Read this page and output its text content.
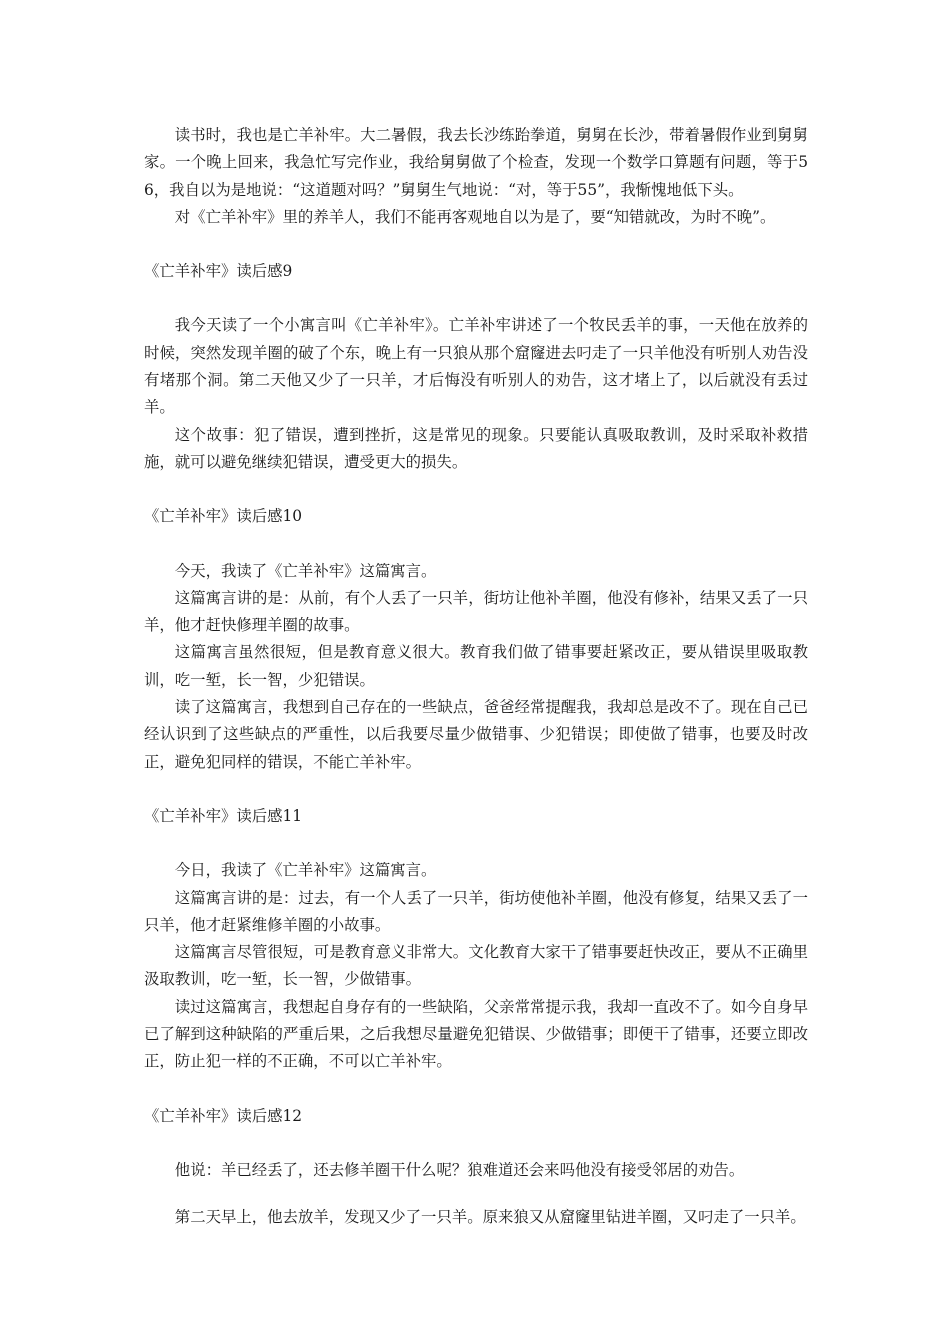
读书时，我也是亡羊补牢。大二暑假，我去长沙练跆拳道，舅舅在长沙，带着暑假作业到舅舅家。一个晚上回来，我急忙写完作业，我给舅舅做了个检查，发现一个数学口算题有问题，等于56，我自以为是地说：“这道题对吗？”舅舅生气地说：“对，等于55”，我惭愧地低下头。

对《亡羊补牢》里的养羊人，我们不能再客观地自以为是了，要“知错就改，为时不晚”。

《亡羊补牢》读后感9

我今天读了一个小寓言叫《亡羊补牢》。亡羊补牢讲述了一个牧民丢羊的事，一天他在放养的时候，突然发现羊圈的破了个东，晚上有一只狼从那个窟窿进去叼走了一只羊他没有听别人劝告没有堵那个洞。第二天他又少了一只羊，才后悔没有听别人的劝告，这才堵上了，以后就没有丢过羊。

这个故事：犯了错误，遭到挫折，这是常见的现象。只要能认真吸取教训，及时采取补救措施，就可以避免继续犯错误，遭受更大的损失。

《亡羊补牢》读后感10

今天，我读了《亡羊补牢》这篇寓言。

这篇寓言讲的是：从前，有个人丢了一只羊，街坊让他补羊圈，他没有修补，结果又丢了一只羊，他才赶快修理羊圈的故事。

这篇寓言虽然很短，但是教育意义很大。教育我们做了错事要赶紧改正，要从错误里吸取教训，吃一堑，长一智，少犯错误。

读了这篇寓言，我想到自己存在的一些缺点，爸爸经常提醒我，我却总是改不了。现在自己已经认识到了这些缺点的严重性，以后我要尽量少做错事、少犯错误；即使做了错事，也要及时改正，避免犯同样的错误，不能亡羊补牢。

《亡羊补牢》读后感11

今日，我读了《亡羊补牢》这篇寓言。

这篇寓言讲的是：过去，有一个人丢了一只羊，街坊使他补羊圈，他没有修复，结果又丢了一只羊，他才赶紧维修羊圈的小故事。

这篇寓言尽管很短，可是教育意义非常大。文化教育大家干了错事要赶快改正，要从不正确里汲取教训，吃一堑，长一智，少做错事。

读过这篇寓言，我想起自身存有的一些缺陷，父亲常常提示我，我却一直改不了。如今自身早已了解到这种缺陷的严重后果，之后我想尽量避免犯错误、少做错事；即便干了错事，还要立即改正，防止犯一样的不正确，不可以亡羊补牢。

《亡羊补牢》读后感12

他说：羊已经丢了，还去修羊圈干什么呢？狼难道还会来吗他没有接受邻居的劝告。

第二天早上，他去放羊，发现又少了一只羊。原来狼又从窟窿里钻进羊圈，又叼走了一只羊。
